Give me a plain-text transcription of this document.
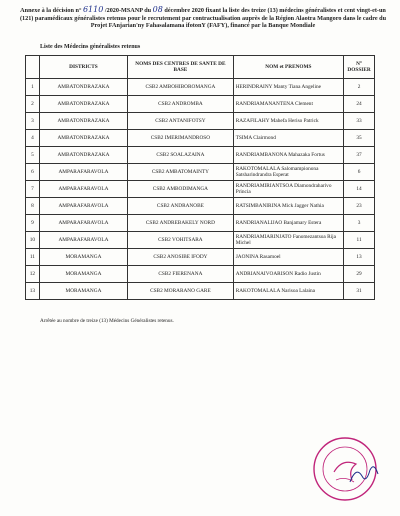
Annexe à la décision n° 6110 /2020-MSANP du 08 décembre 2020 fixant la liste des treize (13) médecins généralistes et cent vingt-et-un (121) paramédicaux généralistes retenus pour le recrutement par contractualisation auprès de la Région Alaotra Mangoro dans le cadre du Projet FAnjarian'ny Fahasalamana ifotonY (FAFY), financé par la Banque Mondiale
Liste des Médecins généralistes retenus
	DISTRICTS	NOMS DES CENTRES DE SANTE DE BASE	NOM et PRENOMS	N° DOSSIER
1	AMBATONDRAZAKA	CSB2 AMBOHIBOROMANGA	HERINDRAINY Manty Tiana Angeline	2
2	AMBATONDRAZAKA	CSB2 ANDROMBA	RANDRIAMANANTENA Clement	24
3	AMBATONDRAZAKA	CSB2 ANTANIFOTSY	RAZAFILAHY Mahefa Heriso Patrick	33
4	AMBATONDRAZAKA	CSB2 IMERIMANDROSO	TSIMA Clairmond	35
5	AMBATONDRAZAKA	CSB2 SOALAZAINA	RANDRIAMBANONA Mahazaka Fortus	37
6	AMPARAFARAVOLA	CSB2 AMBATOMAINTY	RAKOTOMALALA Salomampionona Satsharindrandra Esperat	6
7	AMPARAFARAVOLA	CSB2 AMBODIMANGA	RANDRIAMIRIANTSOA Diamondraharivo Princia	14
8	AMPARAFARAVOLA	CSB2 ANDRANOBE	RATSIMBANIRINA Mick Jagger Nathia	23
9	AMPARAFARAVOLA	CSB2 ANDREBAKELY NORD	RANDRIANALIJAO Banjamary Estera	3
10	AMPARAFARAVOLA	CSB2 VOHITSARA	RANDRIAMIARINJATO Fanomezantsoa Rija Michel	11
11	MORAMANGA	CSB2 ANOSIBE IFODY	JAONINA Rasamoel	13
12	MORAMANGA	CSB2 FIERENANA	ANDRIANAIVOARISON Radio Justin	29
13	MORAMANGA	CSB2 MORARANO GARE	RAKOTOMALALA Narisoa Lalaina	31
Arrêtée au nombre de treize (13) Médecins Généralistes retenus.
